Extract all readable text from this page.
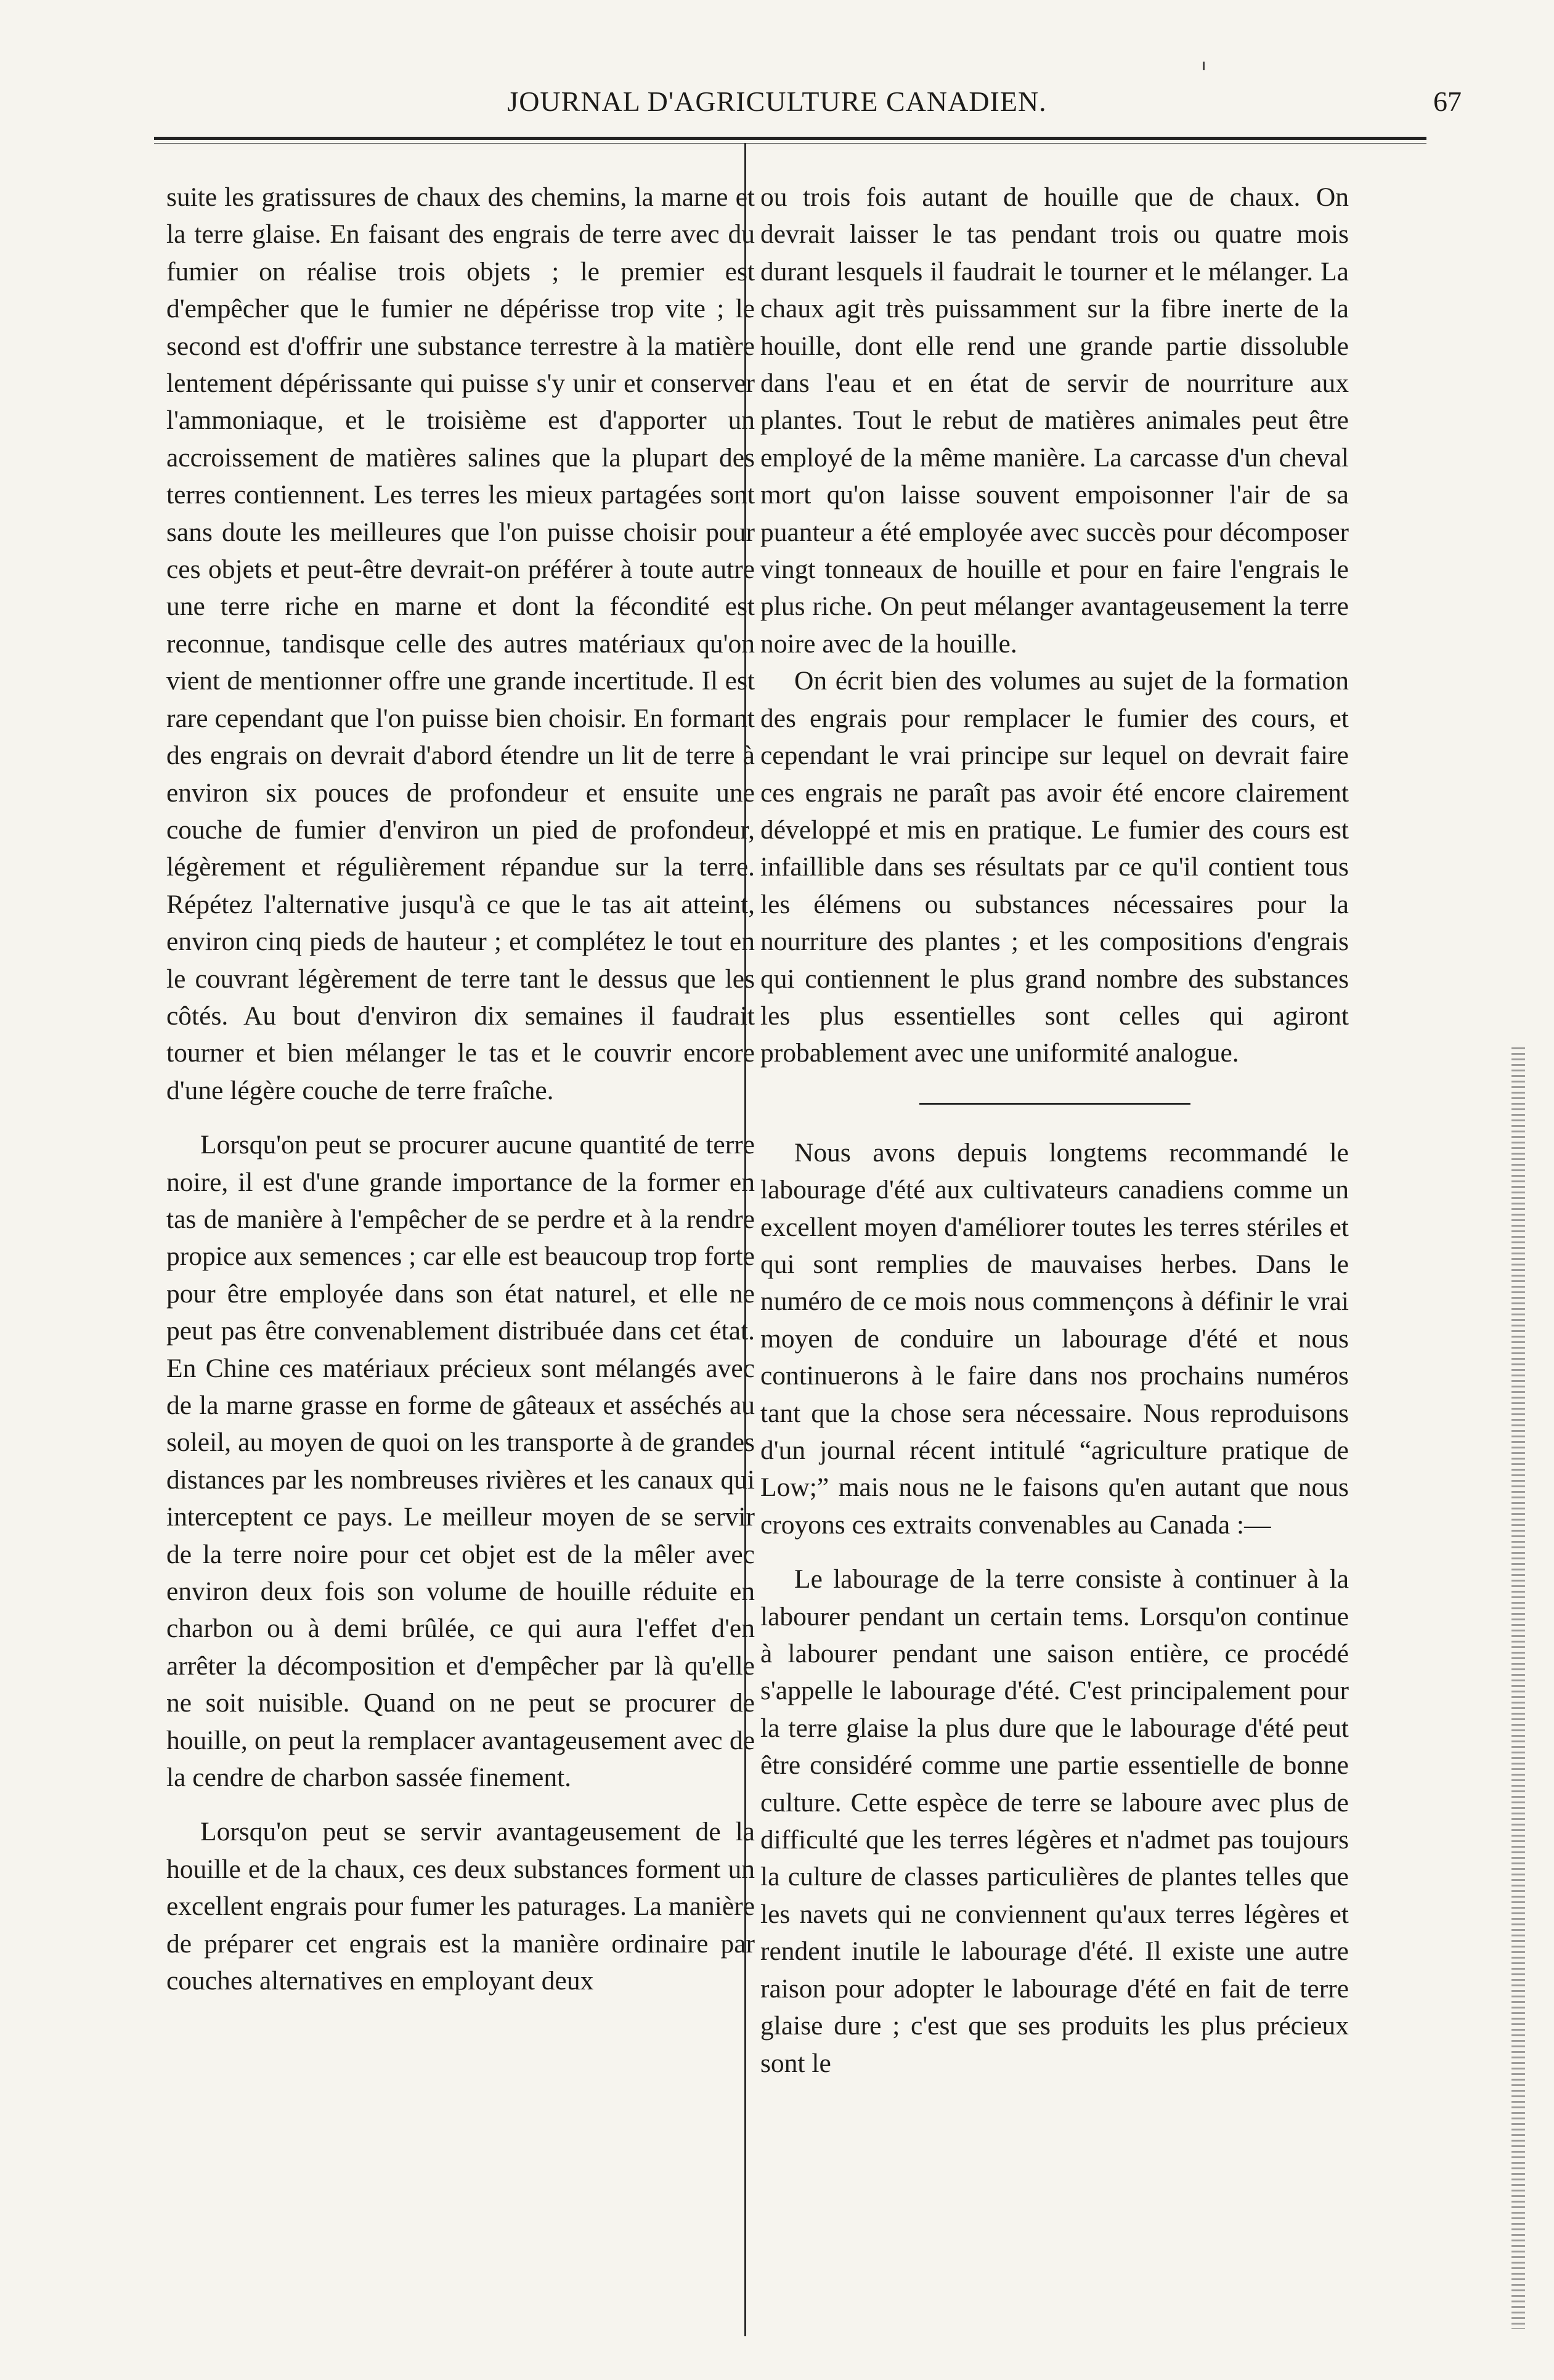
JOURNAL D'AGRICULTURE CANADIEN.	67

suite les gratissures de chaux des chemins, la marne et la terre glaise. En faisant des engrais de terre avec du fumier on réalise trois objets ; le premier est d'empêcher que le fumier ne dépérisse trop vite ; le second est d'offrir une substance terrestre à la matière lentement dépérissante qui puisse s'y unir et conserver l'ammoniaque, et le troisième est d'apporter un accroissement de matières salines que la plupart des terres contiennent. Les terres les mieux partagées sont sans doute les meilleures que l'on puisse choisir pour ces objets et peut-être devrait-on préférer à toute autre une terre riche en marne et dont la fécondité est reconnue, tandisque celle des autres matériaux qu'on vient de mentionner offre une grande incertitude. Il est rare cependant que l'on puisse bien choisir. En formant des engrais on devrait d'abord étendre un lit de terre à environ six pouces de profondeur et ensuite une couche de fumier d'environ un pied de profondeur, légèrement et régulièrement répandue sur la terre. Répétez l'alternative jusqu'à ce que le tas ait atteint, environ cinq pieds de hauteur ; et complétez le tout en le couvrant légèrement de terre tant le dessus que les côtés. Au bout d'environ dix semaines il faudrait tourner et bien mélanger le tas et le couvrir encore d'une légère couche de terre fraîche.

Lorsqu'on peut se procurer aucune quantité de terre noire, il est d'une grande importance de la former en tas de manière à l'empêcher de se perdre et à la rendre propice aux semences ; car elle est beaucoup trop forte pour être employée dans son état naturel, et elle ne peut pas être convenablement distribuée dans cet état. En Chine ces matériaux précieux sont mélangés avec de la marne grasse en forme de gâteaux et asséchés au soleil, au moyen de quoi on les transporte à de grandes distances par les nombreuses rivières et les canaux qui interceptent ce pays. Le meilleur moyen de se servir de la terre noire pour cet objet est de la mêler avec environ deux fois son volume de houille réduite en charbon ou à demi brûlée, ce qui aura l'effet d'en arrêter la décomposition et d'empêcher par là qu'elle ne soit nuisible. Quand on ne peut se procurer de houille, on peut la remplacer avantageusement avec de la cendre de charbon sassée finement.

Lorsqu'on peut se servir avantageusement de la houille et de la chaux, ces deux substances forment un excellent engrais pour fumer les paturages. La manière de préparer cet engrais est la manière ordinaire par couches alternatives en employant deux

ou trois fois autant de houille que de chaux. On devrait laisser le tas pendant trois ou quatre mois durant lesquels il faudrait le tourner et le mélanger. La chaux agit très puissamment sur la fibre inerte de la houille, dont elle rend une grande partie dissoluble dans l'eau et en état de servir de nourriture aux plantes. Tout le rebut de matières animales peut être employé de la même manière. La carcasse d'un cheval mort qu'on laisse souvent empoisonner l'air de sa puanteur a été employée avec succès pour décomposer vingt tonneaux de houille et pour en faire l'engrais le plus riche. On peut mélanger avantageusement la terre noire avec de la houille.

On écrit bien des volumes au sujet de la formation des engrais pour remplacer le fumier des cours, et cependant le vrai principe sur lequel on devrait faire ces engrais ne paraît pas avoir été encore clairement développé et mis en pratique. Le fumier des cours est infaillible dans ses résultats par ce qu'il contient tous les élémens ou substances nécessaires pour la nourriture des plantes ; et les compositions d'engrais qui contiennent le plus grand nombre des substances les plus essentielles sont celles qui agiront probablement avec une uniformité analogue.

Nous avons depuis longtems recommandé le labourage d'été aux cultivateurs canadiens comme un excellent moyen d'améliorer toutes les terres stériles et qui sont remplies de mauvaises herbes. Dans le numéro de ce mois nous commençons à définir le vrai moyen de conduire un labourage d'été et nous continuerons à le faire dans nos prochains numéros tant que la chose sera nécessaire. Nous reproduisons d'un journal récent intitulé “agriculture pratique de Low;” mais nous ne le faisons qu'en autant que nous croyons ces extraits convenables au Canada :—

Le labourage de la terre consiste à continuer à la labourer pendant un certain tems. Lorsqu'on continue à labourer pendant une saison entière, ce procédé s'appelle le labourage d'été. C'est principalement pour la terre glaise la plus dure que le labourage d'été peut être considéré comme une partie essentielle de bonne culture. Cette espèce de terre se laboure avec plus de difficulté que les terres légères et n'admet pas toujours la culture de classes particulières de plantes telles que les navets qui ne conviennent qu'aux terres légères et rendent inutile le labourage d'été. Il existe une autre raison pour adopter le labourage d'été en fait de terre glaise dure ; c'est que ses produits les plus précieux sont le
